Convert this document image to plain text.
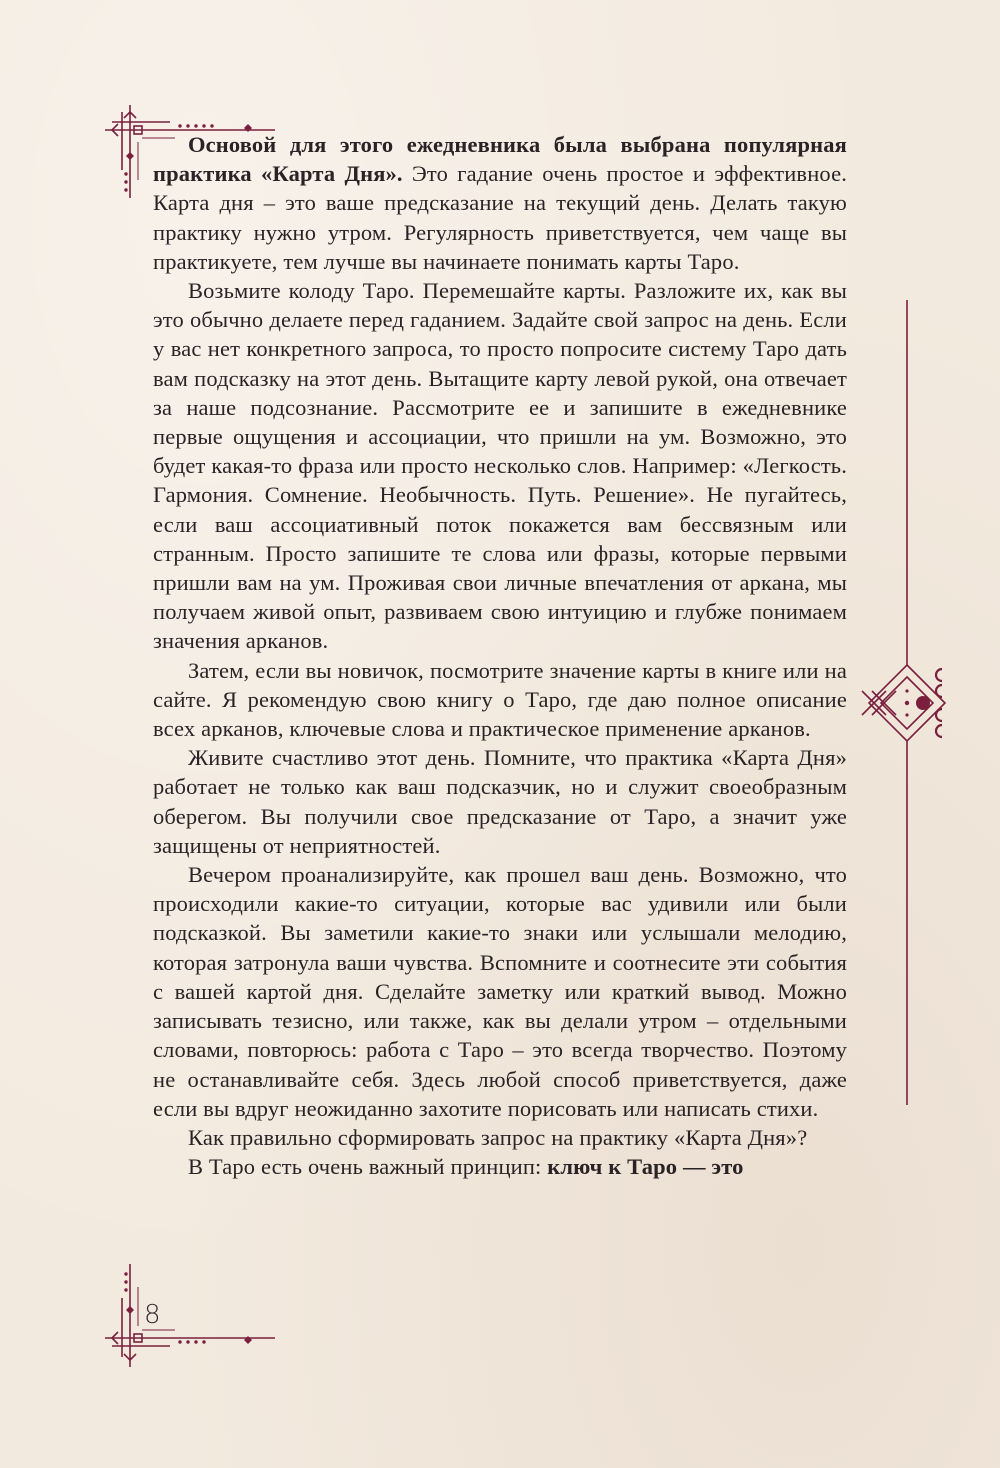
Основой для этого ежедневника была выбрана популярная практика «Карта Дня». Это гадание очень простое и эффективное. Карта дня – это ваше предсказание на текущий день. Делать такую практику нужно утром. Регулярность приветствуется, чем чаще вы практикуете, тем лучше вы начинаете понимать карты Таро.

Возьмите колоду Таро. Перемешайте карты. Разложите их, как вы это обычно делаете перед гаданием. Задайте свой запрос на день. Если у вас нет конкретного запроса, то просто попросите систему Таро дать вам подсказку на этот день. Вытащите карту левой рукой, она отвечает за наше подсознание. Рассмотрите ее и запишите в ежедневнике первые ощущения и ассоциации, что пришли на ум. Возможно, это будет какая-то фраза или просто несколько слов. Например: «Легкость. Гармония. Сомнение. Необычность. Путь. Решение». Не пугайтесь, если ваш ассоциативный поток покажется вам бессвязным или странным. Просто запишите те слова или фразы, которые первыми пришли вам на ум. Проживая свои личные впечатления от аркана, мы получаем живой опыт, развиваем свою интуицию и глубже понимаем значения арканов.

Затем, если вы новичок, посмотрите значение карты в книге или на сайте. Я рекомендую свою книгу о Таро, где даю полное описание всех арканов, ключевые слова и практическое применение арканов.

Живите счастливо этот день. Помните, что практика «Карта Дня» работает не только как ваш подсказчик, но и служит своеобразным оберегом. Вы получили свое предсказание от Таро, а значит уже защищены от неприятностей.

Вечером проанализируйте, как прошел ваш день. Возможно, что происходили какие-то ситуации, которые вас удивили или были подсказкой. Вы заметили какие-то знаки или услышали мелодию, которая затронула ваши чувства. Вспомните и соотнесите эти события с вашей картой дня. Сделайте заметку или краткий вывод. Можно записывать тезисно, или также, как вы делали утром – отдельными словами, повторюсь: работа с Таро – это всегда творчество. Поэтому не останавливайте себя. Здесь любой способ приветствуется, даже если вы вдруг неожиданно захотите порисовать или написать стихи.

Как правильно сформировать запрос на практику «Карта Дня»?

В Таро есть очень важный принцип: ключ к Таро — это

8
